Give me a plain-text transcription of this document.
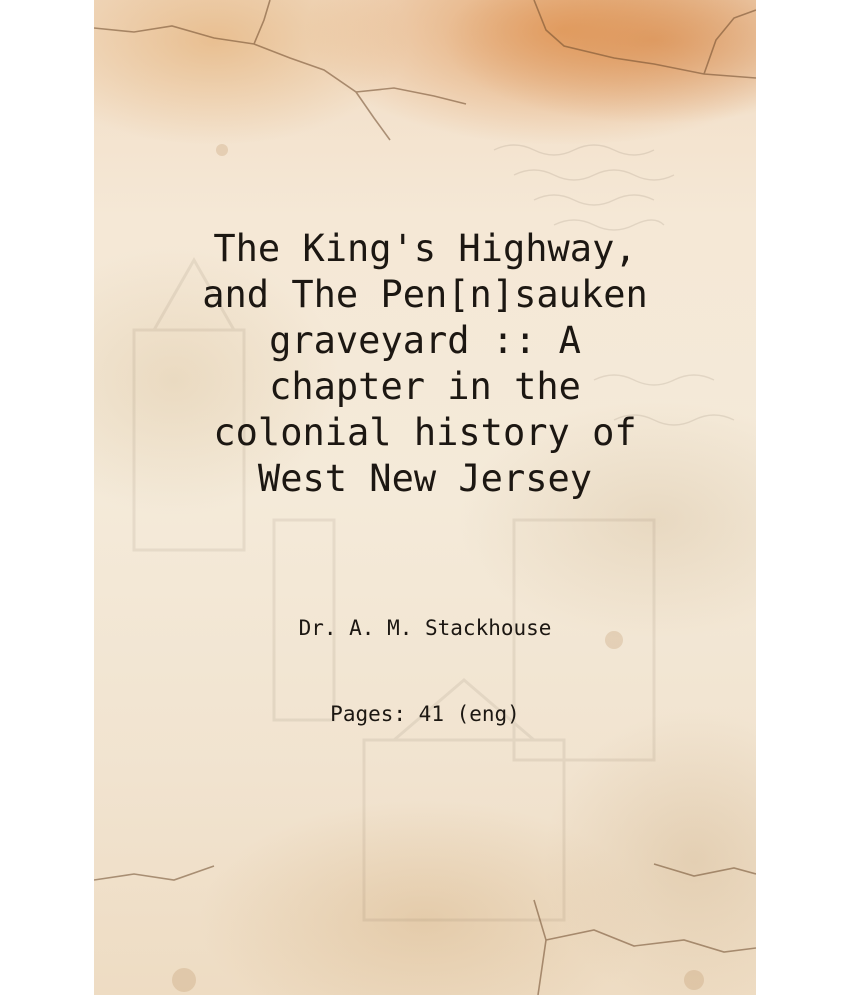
The King's Highway,
and The Pen[n]sauken
graveyard :: A
chapter in the
colonial history of
West New Jersey
Dr. A. M. Stackhouse
Pages: 41 (eng)
